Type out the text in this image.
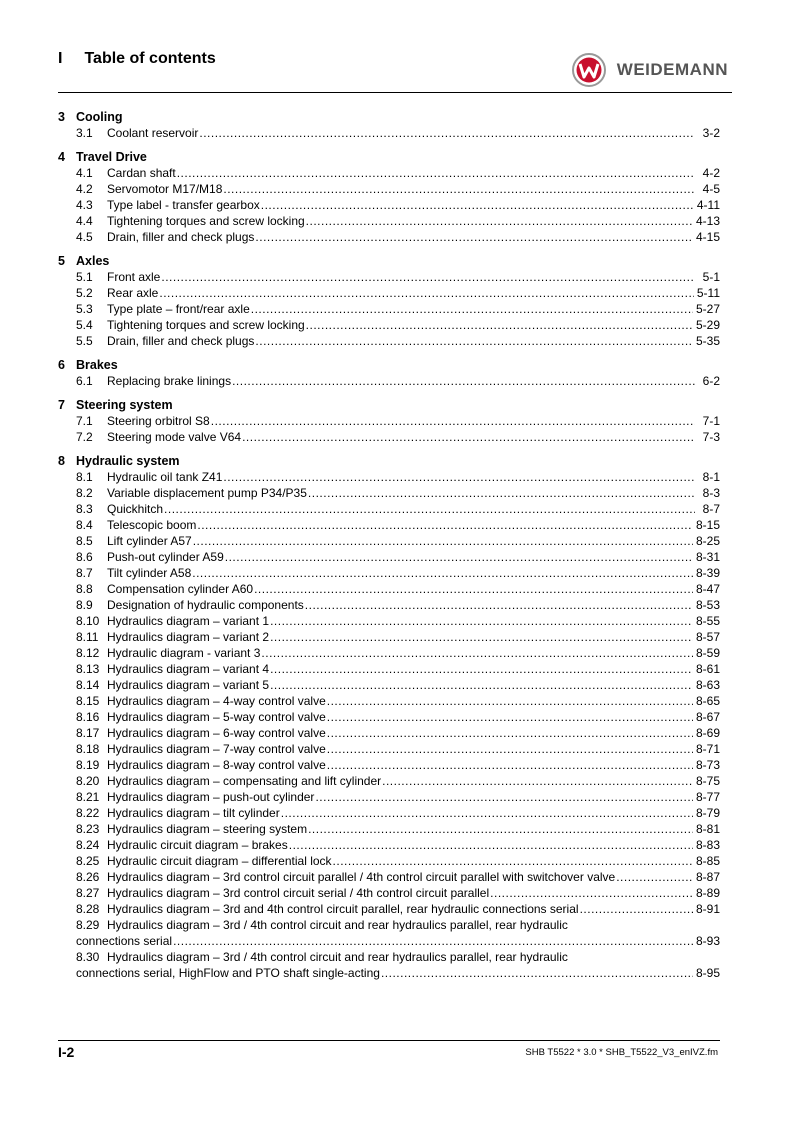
I Table of contents
WEIDEMANN
3 Cooling
3.1	Coolant reservoir .....	3-2
4 Travel Drive
4.1	Cardan shaft .....	4-2
4.2	Servomotor M17/M18 .....	4-5
4.3	Type label - transfer gearbox .....	4-11
4.4	Tightening torques and screw locking .....	4-13
4.5	Drain, filler and check plugs .....	4-15
5 Axles
5.1	Front axle .....	5-1
5.2	Rear axle .....	5-11
5.3	Type plate – front/rear axle .....	5-27
5.4	Tightening torques and screw locking .....	5-29
5.5	Drain, filler and check plugs .....	5-35
6 Brakes
6.1	Replacing brake linings .....	6-2
7 Steering system
7.1	Steering orbitrol S8 .....	7-1
7.2	Steering mode valve V64 .....	7-3
8 Hydraulic system
8.1	Hydraulic oil tank Z41 .....	8-1
8.2	Variable displacement pump P34/P35 .....	8-3
8.3	Quickhitch .....	8-7
8.4	Telescopic boom .....	8-15
8.5	Lift cylinder A57 .....	8-25
8.6	Push-out cylinder A59 .....	8-31
8.7	Tilt cylinder A58 .....	8-39
8.8	Compensation cylinder A60 .....	8-47
8.9	Designation of hydraulic components .....	8-53
8.10 Hydraulics diagram – variant 1 .....	8-55
8.11 Hydraulics diagram – variant 2 .....	8-57
8.12 Hydraulic diagram - variant 3 .....	8-59
8.13 Hydraulics diagram – variant 4 .....	8-61
8.14 Hydraulics diagram – variant 5 .....	8-63
8.15 Hydraulics diagram – 4-way control valve .....	8-65
8.16 Hydraulics diagram – 5-way control valve .....	8-67
8.17 Hydraulics diagram – 6-way control valve .....	8-69
8.18 Hydraulics diagram – 7-way control valve .....	8-71
8.19 Hydraulics diagram – 8-way control valve .....	8-73
8.20 Hydraulics diagram – compensating and lift cylinder .....	8-75
8.21 Hydraulics diagram – push-out cylinder .....	8-77
8.22 Hydraulics diagram – tilt cylinder .....	8-79
8.23 Hydraulics diagram – steering system .....	8-81
8.24 Hydraulic circuit diagram – brakes .....	8-83
8.25 Hydraulic circuit diagram – differential lock .....	8-85
8.26 Hydraulics diagram – 3rd control circuit parallel / 4th control circuit parallel with switchover valve .....	8-87
8.27 Hydraulics diagram – 3rd control circuit serial / 4th control circuit parallel .....	8-89
8.28 Hydraulics diagram – 3rd and 4th control circuit parallel, rear hydraulic connections serial .....	8-91
8.29 Hydraulics diagram – 3rd / 4th control circuit and rear hydraulics parallel, rear hydraulic
connections serial .....	8-93
8.30 Hydraulics diagram – 3rd / 4th control circuit and rear hydraulics parallel, rear hydraulic
connections serial, HighFlow and PTO shaft single-acting .....	8-95
I-2	SHB T5522 * 3.0 * SHB_T5522_V3_enIVZ.fm
